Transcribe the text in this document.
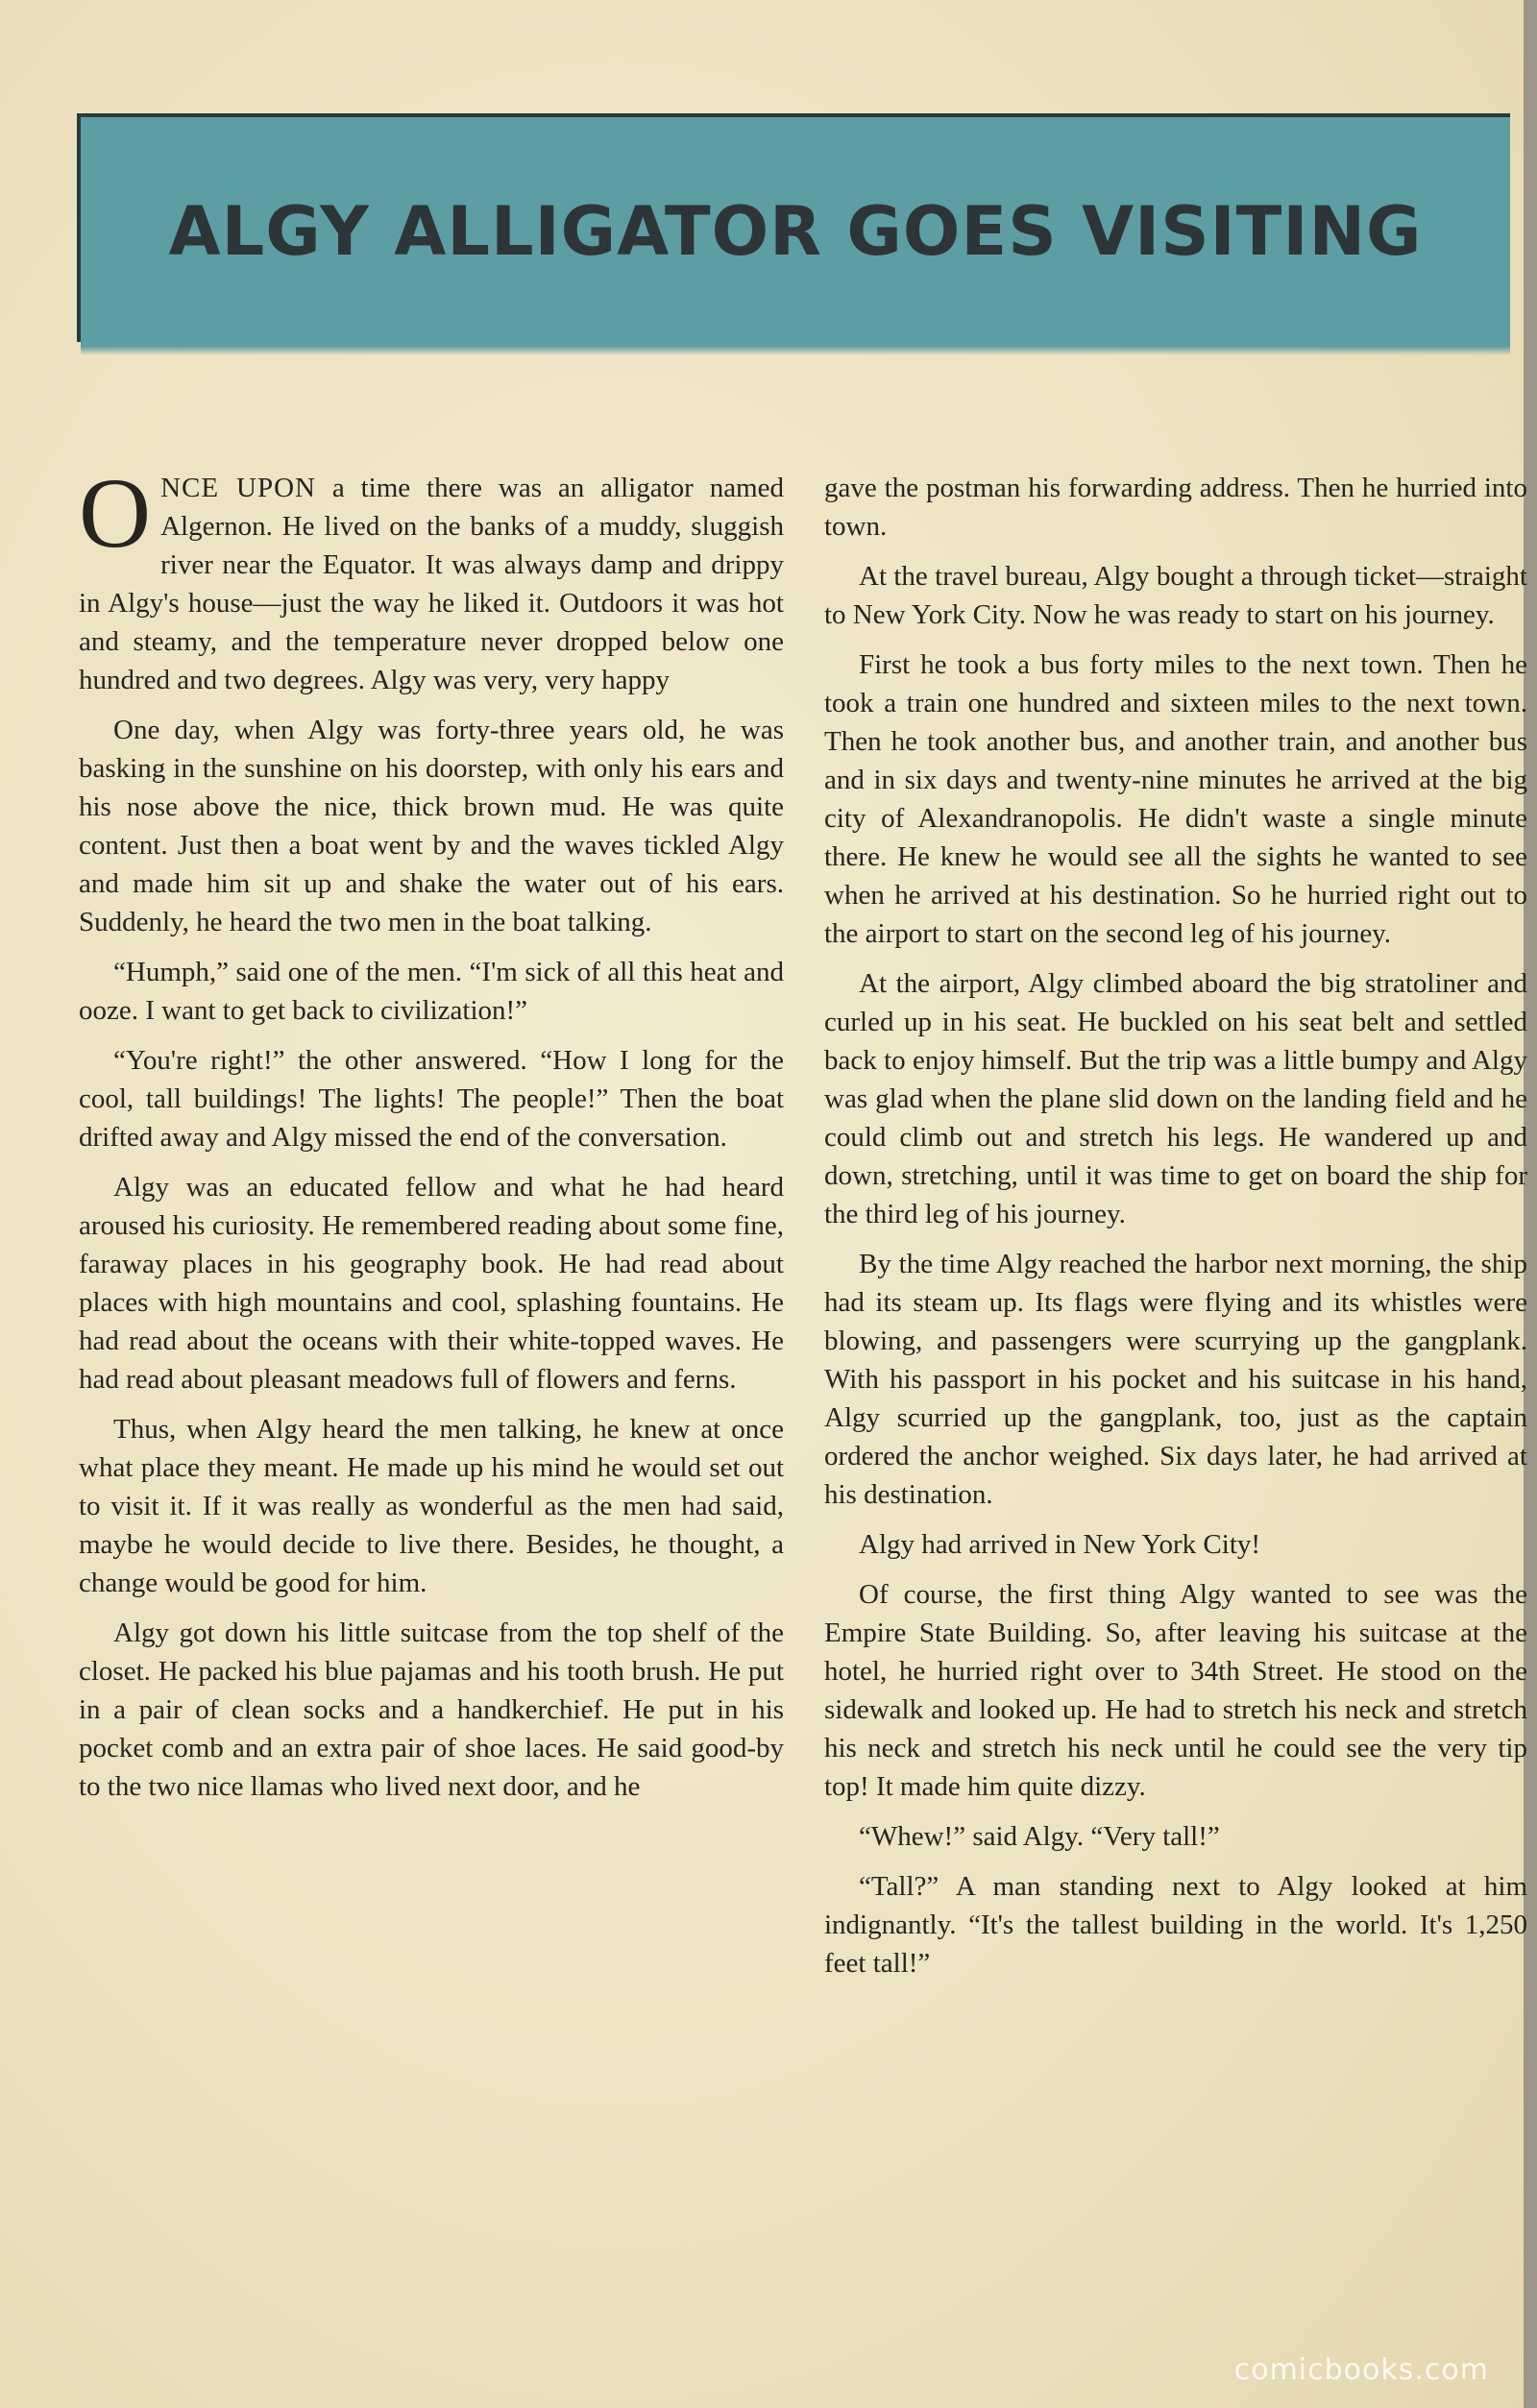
ALGY ALLIGATOR GOES VISITING

ONCE UPON a time there was an alligator named Algernon. He lived on the banks of a muddy, sluggish river near the Equator. It was always damp and drippy in Algy's house—just the way he liked it. Outdoors it was hot and steamy, and the temperature never dropped below one hundred and two degrees. Algy was very, very happy

One day, when Algy was forty-three years old, he was basking in the sunshine on his doorstep, with only his ears and his nose above the nice, thick brown mud. He was quite content. Just then a boat went by and the waves tickled Algy and made him sit up and shake the water out of his ears. Suddenly, he heard the two men in the boat talking.

“Humph,” said one of the men. “I'm sick of all this heat and ooze. I want to get back to civilization!”

“You're right!” the other answered. “How I long for the cool, tall buildings! The lights! The people!” Then the boat drifted away and Algy missed the end of the conversation.

Algy was an educated fellow and what he had heard aroused his curiosity. He remembered reading about some fine, faraway places in his geography book. He had read about places with high mountains and cool, splashing fountains. He had read about the oceans with their white-topped waves. He had read about pleasant meadows full of flowers and ferns.

Thus, when Algy heard the men talking, he knew at once what place they meant. He made up his mind he would set out to visit it. If it was really as wonderful as the men had said, maybe he would decide to live there. Besides, he thought, a change would be good for him.

Algy got down his little suitcase from the top shelf of the closet. He packed his blue pajamas and his tooth brush. He put in a pair of clean socks and a handkerchief. He put in his pocket comb and an extra pair of shoe laces. He said good-by to the two nice llamas who lived next door, and he

gave the postman his forwarding address. Then he hurried into town.

At the travel bureau, Algy bought a through ticket—straight to New York City. Now he was ready to start on his journey.

First he took a bus forty miles to the next town. Then he took a train one hundred and sixteen miles to the next town. Then he took another bus, and another train, and another bus and in six days and twenty-nine minutes he arrived at the big city of Alexandranopolis. He didn't waste a single minute there. He knew he would see all the sights he wanted to see when he arrived at his destination. So he hurried right out to the airport to start on the second leg of his journey.

At the airport, Algy climbed aboard the big stratoliner and curled up in his seat. He buckled on his seat belt and settled back to enjoy himself. But the trip was a little bumpy and Algy was glad when the plane slid down on the landing field and he could climb out and stretch his legs. He wandered up and down, stretching, until it was time to get on board the ship for the third leg of his journey.

By the time Algy reached the harbor next morning, the ship had its steam up. Its flags were flying and its whistles were blowing, and passengers were scurrying up the gangplank. With his passport in his pocket and his suitcase in his hand, Algy scurried up the gangplank, too, just as the captain ordered the anchor weighed. Six days later, he had arrived at his destination.

Algy had arrived in New York City!

Of course, the first thing Algy wanted to see was the Empire State Building. So, after leaving his suitcase at the hotel, he hurried right over to 34th Street. He stood on the sidewalk and looked up. He had to stretch his neck and stretch his neck and stretch his neck until he could see the very tip top! It made him quite dizzy.

“Whew!” said Algy. “Very tall!”

“Tall?” A man standing next to Algy looked at him indignantly. “It's the tallest building in the world. It's 1,250 feet tall!”

comicbooks.com
